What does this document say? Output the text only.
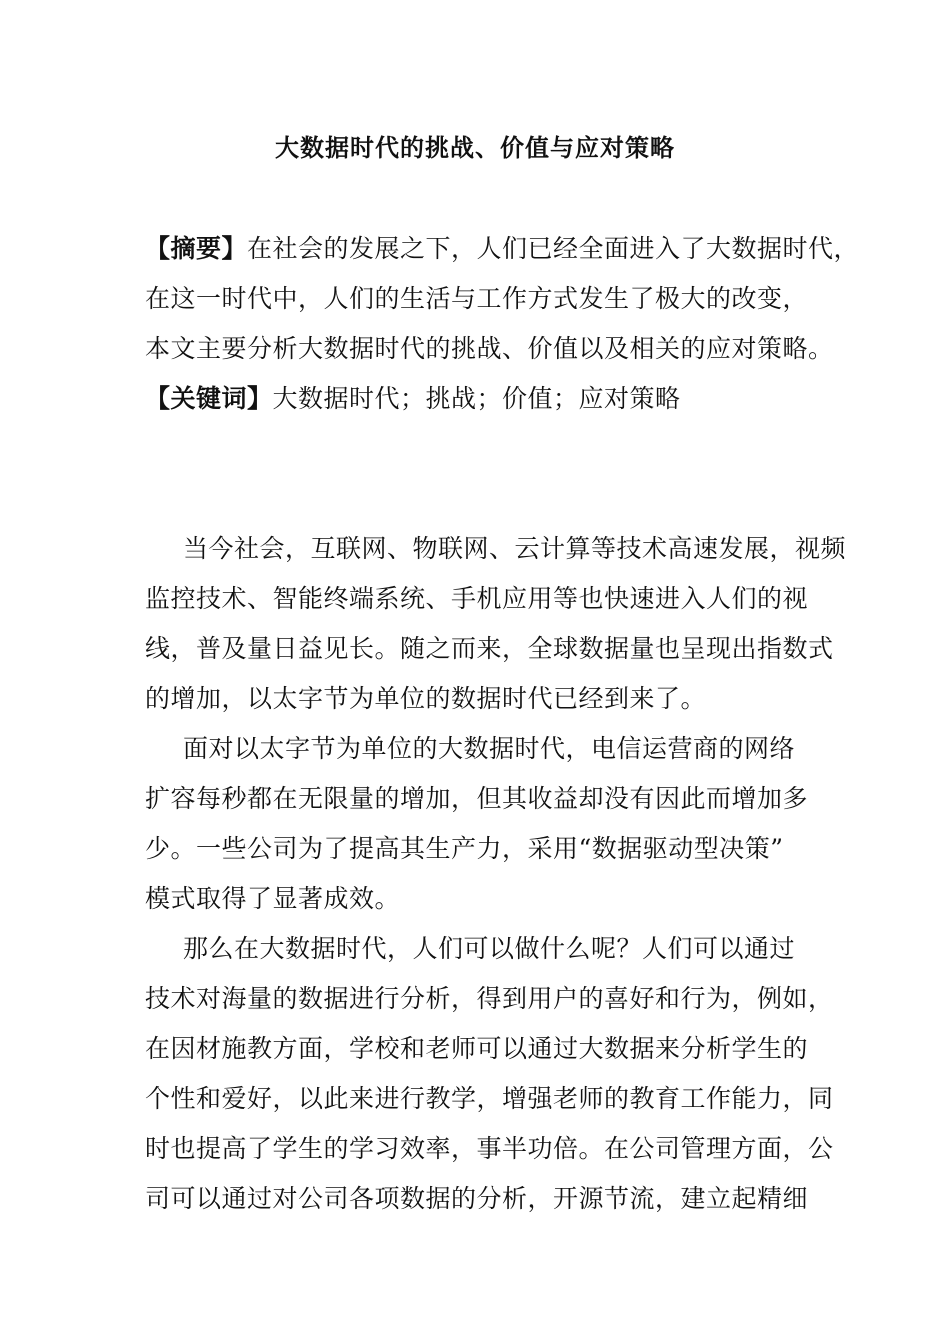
大数据时代的挑战、价值与应对策略
【摘要】在社会的发展之下，人们已经全面进入了大数据时代，
在这一时代中，人们的生活与工作方式发生了极大的改变，
本文主要分析大数据时代的挑战、价值以及相关的应对策略。
【关键词】大数据时代；挑战；价值；应对策略
当今社会，互联网、物联网、云计算等技术高速发展，视频
监控技术、智能终端系统、手机应用等也快速进入人们的视
线，普及量日益见长。随之而来，全球数据量也呈现出指数式
的增加，以太字节为单位的数据时代已经到来了。
面对以太字节为单位的大数据时代，电信运营商的网络
扩容每秒都在无限量的增加，但其收益却没有因此而增加多
少。一些公司为了提高其生产力，采用“数据驱动型决策”
模式取得了显著成效。
那么在大数据时代，人们可以做什么呢？人们可以通过
技术对海量的数据进行分析，得到用户的喜好和行为，例如，
在因材施教方面，学校和老师可以通过大数据来分析学生的
个性和爱好，以此来进行教学，增强老师的教育工作能力，同
时也提高了学生的学习效率，事半功倍。在公司管理方面，公
司可以通过对公司各项数据的分析，开源节流，建立起精细
